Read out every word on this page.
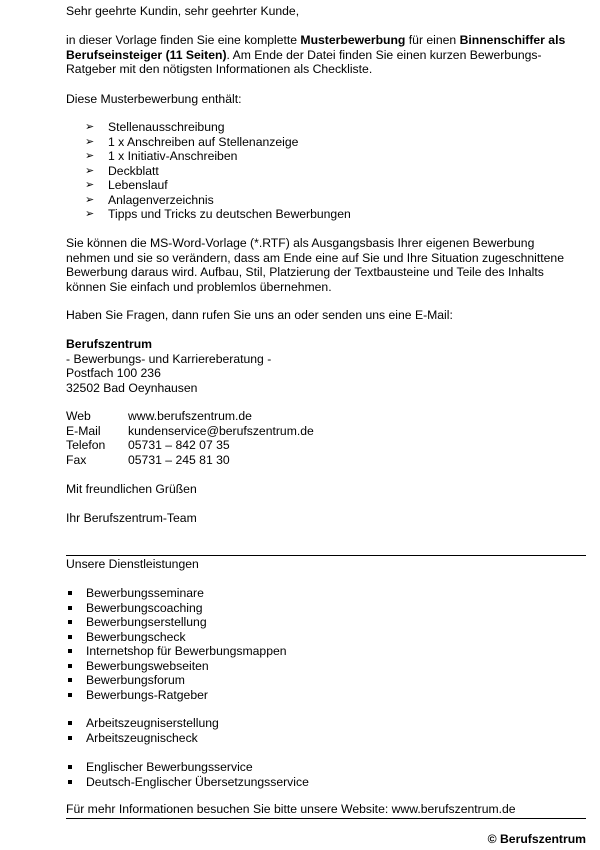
Sehr geehrte Kundin, sehr geehrter Kunde,
in dieser Vorlage finden Sie eine komplette Musterbewerbung für einen Binnenschiffer als
Berufseinsteiger (11 Seiten). Am Ende der Datei finden Sie einen kurzen Bewerbungs-
Ratgeber mit den nötigsten Informationen als Checkliste.
Diese Musterbewerbung enthält:
➢ Stellenausschreibung
➢ 1 x Anschreiben auf Stellenanzeige
➢ 1 x Initiativ-Anschreiben
➢ Deckblatt
➢ Lebenslauf
➢ Anlagenverzeichnis
➢ Tipps und Tricks zu deutschen Bewerbungen
Sie können die MS-Word-Vorlage (*.RTF) als Ausgangsbasis Ihrer eigenen Bewerbung
nehmen und sie so verändern, dass am Ende eine auf Sie und Ihre Situation zugeschnittene
Bewerbung daraus wird. Aufbau, Stil, Platzierung der Textbausteine und Teile des Inhalts
können Sie einfach und problemlos übernehmen.
Haben Sie Fragen, dann rufen Sie uns an oder senden uns eine E-Mail:
Berufszentrum
- Bewerbungs- und Karriereberatung -
Postfach 100 236
32502 Bad Oeynhausen
Web	www.berufszentrum.de
E-Mail	kundenservice@berufszentrum.de
Telefon	05731 – 842 07 35
Fax	05731 – 245 81 30
Mit freundlichen Grüßen
Ihr Berufszentrum-Team
Unsere Dienstleistungen
Bewerbungsseminare
Bewerbungscoaching
Bewerbungserstellung
Bewerbungscheck
Internetshop für Bewerbungsmappen
Bewerbungswebseiten
Bewerbungsforum
Bewerbungs-Ratgeber
Arbeitszeugniserstellung
Arbeitszeugnischeck
Englischer Bewerbungsservice
Deutsch-Englischer Übersetzungsservice
Für mehr Informationen besuchen Sie bitte unsere Website: www.berufszentrum.de
© Berufszentrum
